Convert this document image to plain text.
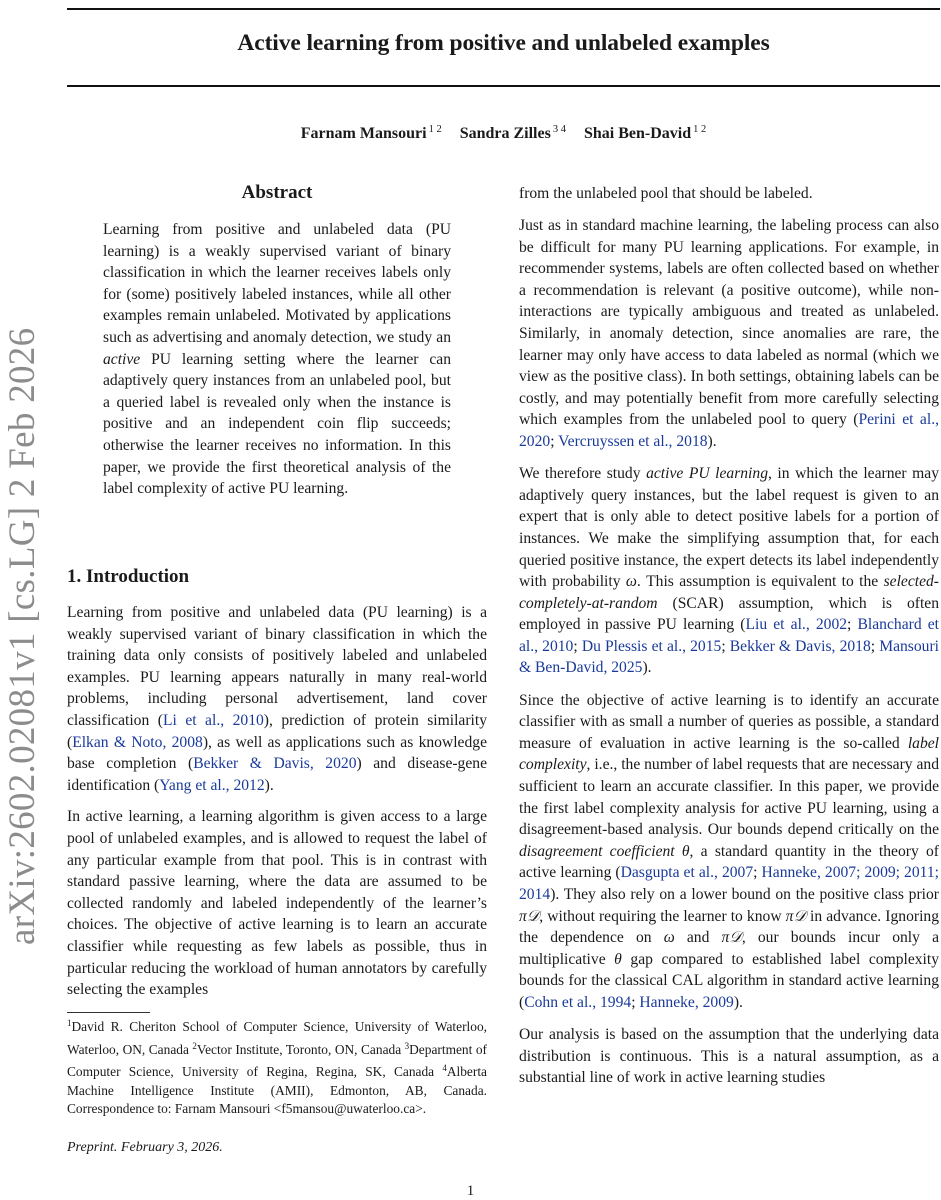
Active learning from positive and unlabeled examples
Farnam Mansouri $^{1 2}$ Sandra Zilles $^{3 4}$ Shai Ben-David $^{1 2}$
arXiv:2602.02081v1 [cs.LG] 2 Feb 2026
Abstract

Learning from positive and unlabeled data (PU learning) is a weakly supervised variant of binary classification in which the learner receives labels only for (some) positively labeled instances, while all other examples remain unlabeled. Motivated by applications such as advertising and anomaly detection, we study an active PU learning setting where the learner can adaptively query instances from an unlabeled pool, but a queried label is revealed only when the instance is positive and an independent coin flip succeeds; otherwise the learner receives no information. In this paper, we provide the first theoretical analysis of the label complexity of active PU learning.

1. Introduction

Learning from positive and unlabeled data (PU learning) is a weakly supervised variant of binary classification in which the training data only consists of positively labeled and unlabeled examples. PU learning appears naturally in many real-world problems, including personal advertisement, land cover classification (Li et al., 2010), prediction of protein similarity (Elkan & Noto, 2008), as well as applications such as knowledge base completion (Bekker & Davis, 2020) and disease-gene identification (Yang et al., 2012).

In active learning, a learning algorithm is given access to a large pool of unlabeled examples, and is allowed to request the label of any particular example from that pool. This is in contrast with standard passive learning, where the data are assumed to be collected randomly and labeled independently of the learner’s choices. The objective of active learning is to learn an accurate classifier while requesting as few labels as possible, thus in particular reducing the workload of human annotators by carefully selecting the examples

$^1$David R. Cheriton School of Computer Science, University of Waterloo, Waterloo, ON, Canada $^2$Vector Institute, Toronto, ON, Canada $^3$Department of Computer Science, University of Regina, Regina, SK, Canada $^4$Alberta Machine Intelligence Institute (AMII), Edmonton, AB, Canada. Correspondence to: Farnam Mansouri <f5mansou@uwaterloo.ca>.
Preprint. February 3, 2026.

from the unlabeled pool that should be labeled.

Just as in standard machine learning, the labeling process can also be difficult for many PU learning applications. For example, in recommender systems, labels are often collected based on whether a recommendation is relevant (a positive outcome), while non-interactions are typically ambiguous and treated as unlabeled. Similarly, in anomaly detection, since anomalies are rare, the learner may only have access to data labeled as normal (which we view as the positive class). In both settings, obtaining labels can be costly, and may potentially benefit from more carefully selecting which examples from the unlabeled pool to query (Perini et al., 2020; Vercruyssen et al., 2018).

We therefore study active PU learning, in which the learner may adaptively query instances, but the label request is given to an expert that is only able to detect positive labels for a portion of instances. We make the simplifying assumption that, for each queried positive instance, the expert detects its label independently with probability ω. This assumption is equivalent to the selected-completely-at-random (SCAR) assumption, which is often employed in passive PU learning (Liu et al., 2002; Blanchard et al., 2010; Du Plessis et al., 2015; Bekker & Davis, 2018; Mansouri & Ben-David, 2025).

Since the objective of active learning is to identify an accurate classifier with as small a number of queries as possible, a standard measure of evaluation in active learning is the so-called label complexity, i.e., the number of label requests that are necessary and sufficient to learn an accurate classifier. In this paper, we provide the first label complexity analysis for active PU learning, using a disagreement-based analysis. Our bounds depend critically on the disagreement coefficient θ, a standard quantity in the theory of active learning (Dasgupta et al., 2007; Hanneke, 2007; 2009; 2011; 2014). They also rely on a lower bound on the positive class prior π𝒟, without requiring the learner to know π𝒟 in advance. Ignoring the dependence on ω and π𝒟, our bounds incur only a multiplicative θ gap compared to established label complexity bounds for the classical CAL algorithm in standard active learning (Cohn et al., 1994; Hanneke, 2009).

Our analysis is based on the assumption that the underlying data distribution is continuous. This is a natural assumption, as a substantial line of work in active learning studies

1
